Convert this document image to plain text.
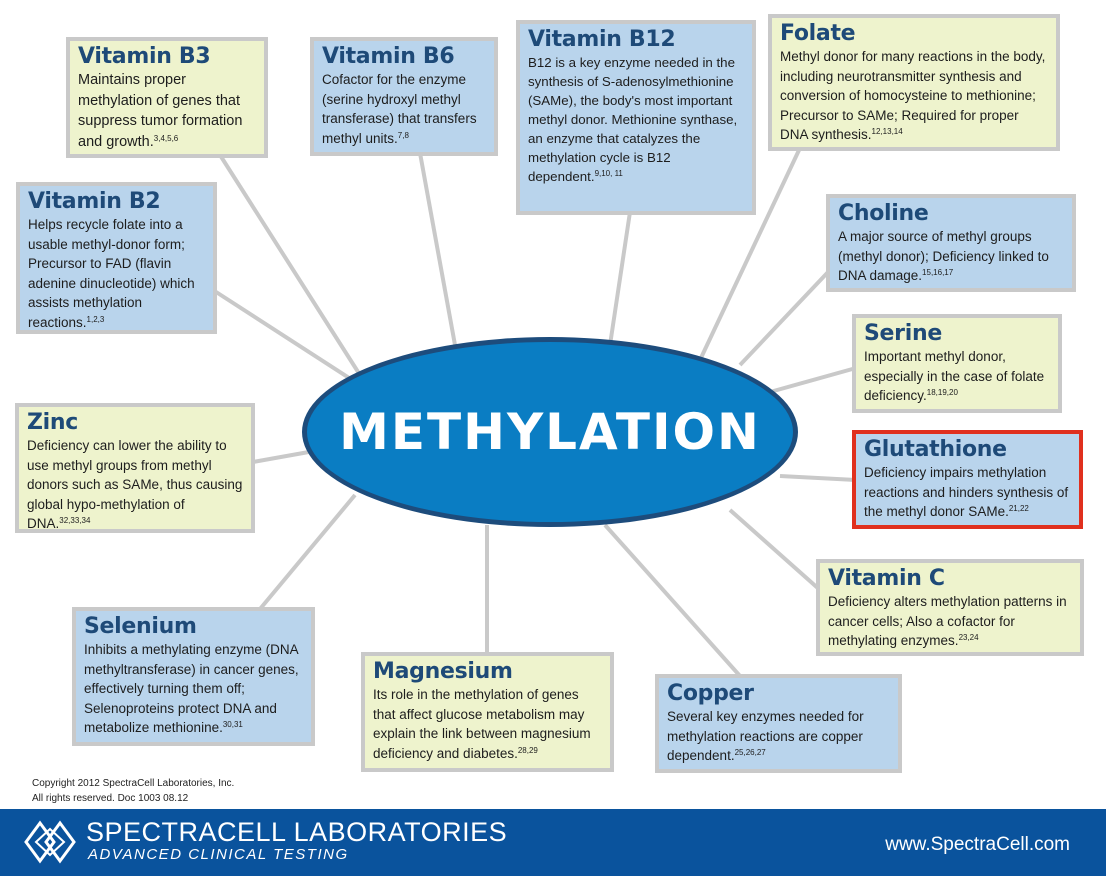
METHYLATION
Vitamin B3

Maintains proper methylation of genes that suppress tumor formation and growth.$^{3,4,5,6}$

Vitamin B6

Cofactor for the enzyme (serine hydroxyl methyl transferase) that transfers methyl units.$^{7,8}$

Vitamin B12

B12 is a key enzyme needed in the synthesis of S-adenosylmethionine (SAMe), the body's most important methyl donor. Methionine synthase, an enzyme that catalyzes the methylation cycle is B12 dependent.$^{9,10, 11}$

Folate

Methyl donor for many reactions in the body, including neurotransmitter synthesis and conversion of homocysteine to methionine; Precursor to SAMe; Required for proper DNA synthesis.$^{12,13,14}$

Vitamin B2

Helps recycle folate into a usable methyl-donor form; Precursor to FAD (flavin adenine dinucleotide) which assists methylation reactions.$^{1,2,3}$

Choline

A major source of methyl groups (methyl donor); Deficiency linked to DNA damage.$^{15,16,17}$

Serine

Important methyl donor, especially in the case of folate deficiency.$^{18,19,20}$

Zinc

Deficiency can lower the ability to use methyl groups from methyl donors such as SAMe, thus causing global hypo-methylation of DNA.$^{32,33,34}$

Glutathione

Deficiency impairs methylation reactions and hinders synthesis of the methyl donor SAMe.$^{21,22}$

Vitamin C

Deficiency alters methylation patterns in cancer cells; Also a cofactor for methylating enzymes.$^{23,24}$

Selenium

Inhibits a methylating enzyme (DNA methyltransferase) in cancer genes, effectively turning them off; Selenoproteins protect DNA and metabolize methionine.$^{30,31}$

Magnesium

Its role in the methylation of genes that affect glucose metabolism may explain the link between magnesium deficiency and diabetes.$^{28,29}$

Copper

Several key enzymes needed for methylation reactions are copper dependent.$^{25,26,27}$

Copyright 2012 SpectraCell Laboratories, Inc.
All rights reserved. Doc 1003 08.12
SPECTRACELL LABORATORIES
ADVANCED CLINICAL TESTING	www.SpectraCell.com
